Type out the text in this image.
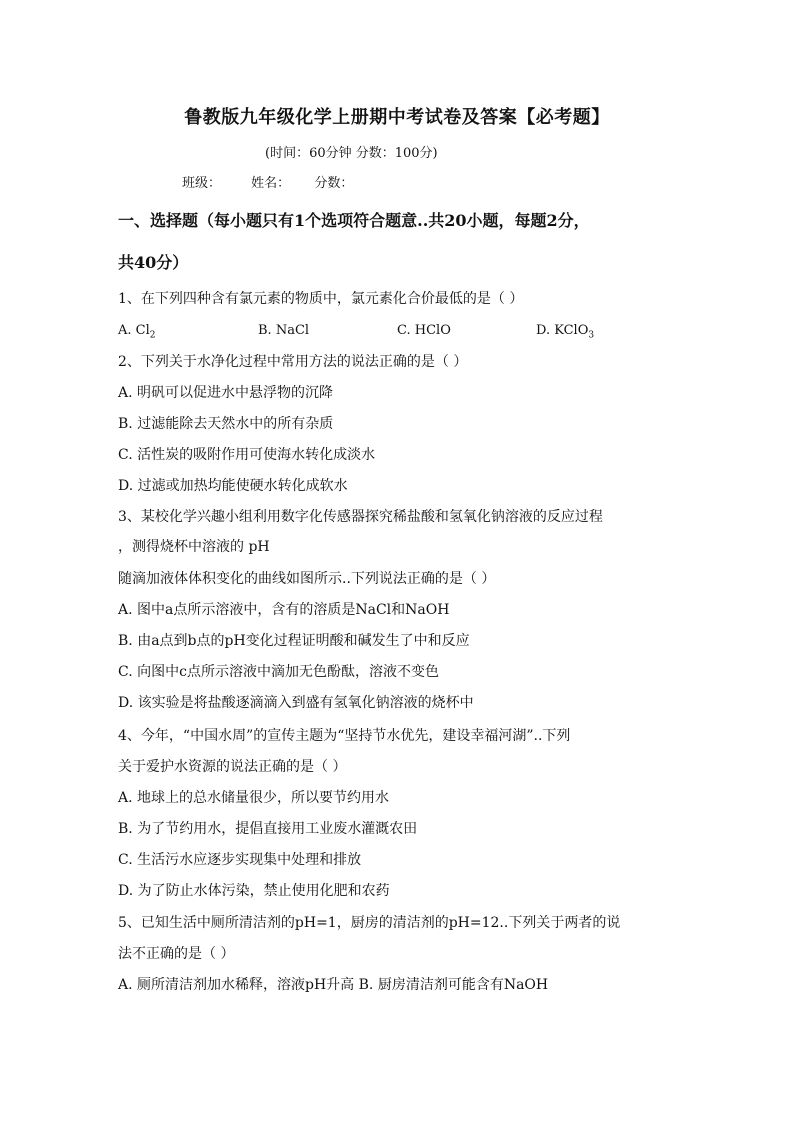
鲁教版九年级化学上册期中考试卷及答案【必考题】
(时间：60分钟 分数：100分)
班级： 姓名： 分数：
一、选择题（每小题只有1个选项符合题意..共20小题，每题2分，
共40分）
1、在下列四种含有氯元素的物质中，氯元素化合价最低的是（ ）
A. $Cl_2$	B. NaCl	C. HClO	D. KClO$_3$
2、下列关于水净化过程中常用方法的说法正确的是（ ）
A. 明矾可以促进水中悬浮物的沉降
B. 过滤能除去天然水中的所有杂质
C. 活性炭的吸附作用可使海水转化成淡水
D. 过滤或加热均能使硬水转化成软水
3、某校化学兴趣小组利用数字化传感器探究稀盐酸和氢氧化钠溶液的反应过程
，测得烧杯中溶液的 pH
随滴加液体体积变化的曲线如图所示..下列说法正确的是（ ）
A. 图中a点所示溶液中，含有的溶质是NaCl和NaOH
B. 由a点到b点的pH变化过程证明酸和碱发生了中和反应
C. 向图中c点所示溶液中滴加无色酚酞，溶液不变色
D. 该实验是将盐酸逐滴滴入到盛有氢氧化钠溶液的烧杯中
4、今年，“中国水周”的宣传主题为“坚持节水优先，建设幸福河湖”..下列
关于爱护水资源的说法正确的是（ ）
A. 地球上的总水储量很少，所以要节约用水
B. 为了节约用水，提倡直接用工业废水灌溉农田
C. 生活污水应逐步实现集中处理和排放
D. 为了防止水体污染，禁止使用化肥和农药
5、已知生活中厕所清洁剂的pH=1，厨房的清洁剂的pH=12..下列关于两者的说
法不正确的是（ ）
A. 厕所清洁剂加水稀释，溶液pH升高 B. 厨房清洁剂可能含有NaOH
